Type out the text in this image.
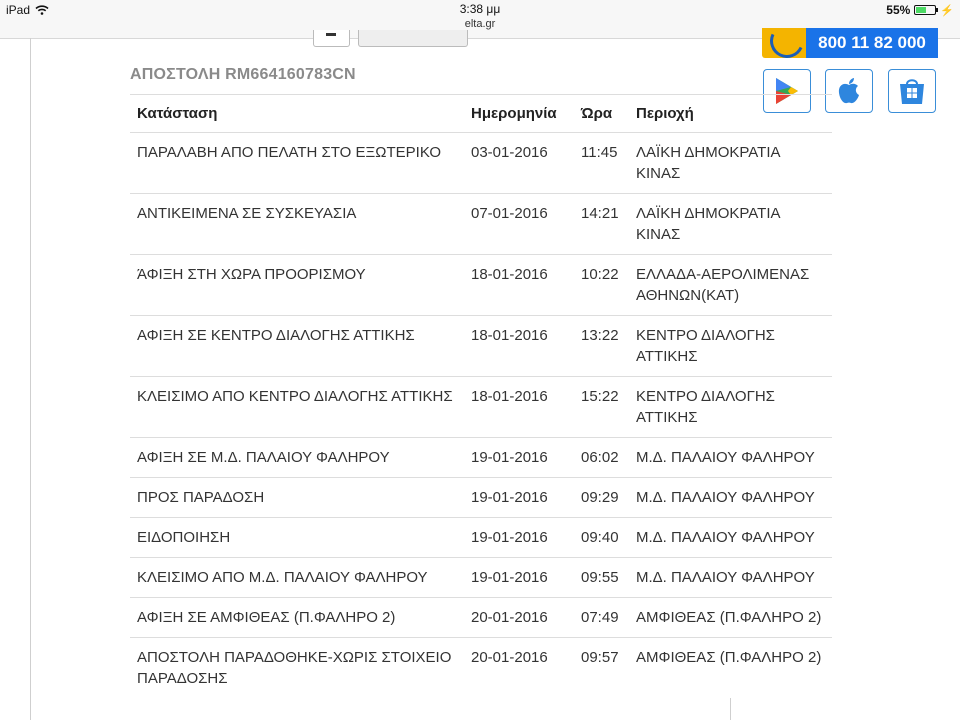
iPad	3:38 μμ
elta.gr
55%	⚡
800 11 82 000
ΑΠΟΣΤΟΛΗ RM664160783CN
Κατάσταση	Ημερομηνία	Ώρα	Περιοχή
ΠΑΡΑΛΑΒΗ ΑΠΟ ΠΕΛΑΤΗ ΣΤΟ ΕΞΩΤΕΡΙΚΟ	03-01-2016	11:45	ΛΑΪΚΗ ΔΗΜΟΚΡΑΤΙΑ ΚΙΝΑΣ
ΑΝΤΙΚΕΙΜΕΝΑ ΣΕ ΣΥΣΚΕΥΑΣΙΑ	07-01-2016	14:21	ΛΑΪΚΗ ΔΗΜΟΚΡΑΤΙΑ ΚΙΝΑΣ
ΆΦΙΞΗ ΣΤΗ ΧΩΡΑ ΠΡΟΟΡΙΣΜΟΥ	18-01-2016	10:22	ΕΛΛΑΔΑ-ΑΕΡΟΛΙΜΕΝΑΣ ΑΘΗΝΩΝ(ΚΑΤ)
ΑΦΙΞΗ ΣΕ ΚΕΝΤΡΟ ΔΙΑΛΟΓΗΣ ΑΤΤΙΚΗΣ	18-01-2016	13:22	ΚΕΝΤΡΟ ΔΙΑΛΟΓΗΣ ΑΤΤΙΚΗΣ
ΚΛΕΙΣΙΜΟ ΑΠΟ ΚΕΝΤΡΟ ΔΙΑΛΟΓΗΣ ΑΤΤΙΚΗΣ	18-01-2016	15:22	ΚΕΝΤΡΟ ΔΙΑΛΟΓΗΣ ΑΤΤΙΚΗΣ
ΑΦΙΞΗ ΣΕ Μ.Δ. ΠΑΛΑΙΟΥ ΦΑΛΗΡΟΥ	19-01-2016	06:02	Μ.Δ. ΠΑΛΑΙΟΥ ΦΑΛΗΡΟΥ
ΠΡΟΣ ΠΑΡΑΔΟΣΗ	19-01-2016	09:29	Μ.Δ. ΠΑΛΑΙΟΥ ΦΑΛΗΡΟΥ
ΕΙΔΟΠΟΙΗΣΗ	19-01-2016	09:40	Μ.Δ. ΠΑΛΑΙΟΥ ΦΑΛΗΡΟΥ
ΚΛΕΙΣΙΜΟ ΑΠΟ Μ.Δ. ΠΑΛΑΙΟΥ ΦΑΛΗΡΟΥ	19-01-2016	09:55	Μ.Δ. ΠΑΛΑΙΟΥ ΦΑΛΗΡΟΥ
ΑΦΙΞΗ ΣΕ ΑΜΦΙΘΕΑΣ (Π.ΦΑΛΗΡΟ 2)	20-01-2016	07:49	ΑΜΦΙΘΕΑΣ (Π.ΦΑΛΗΡΟ 2)
ΑΠΟΣΤΟΛΗ ΠΑΡΑΔΟΘΗΚΕ-ΧΩΡΙΣ ΣΤΟΙΧΕΙΟ ΠΑΡΑΔΟΣΗΣ	20-01-2016	09:57	ΑΜΦΙΘΕΑΣ (Π.ΦΑΛΗΡΟ 2)
